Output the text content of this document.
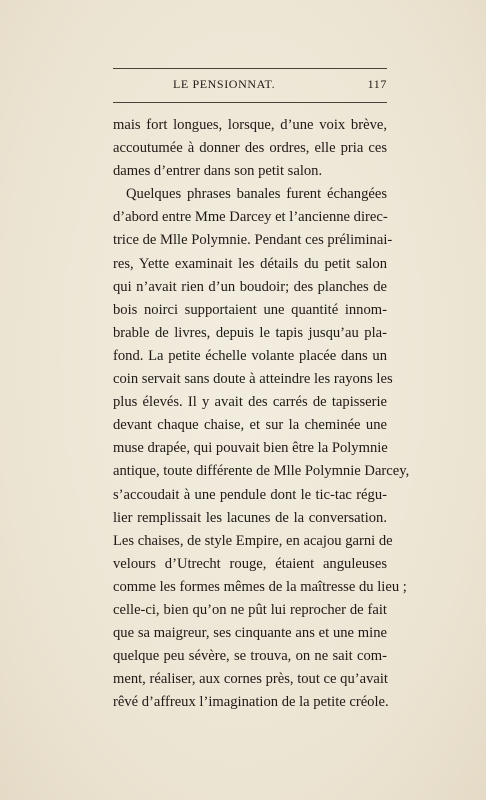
LE PENSIONNAT.	117
mais fort longues, lorsque, d’une voix brève,
accoutumée à donner des ordres, elle pria ces
dames d’entrer dans son petit salon.
Quelques phrases banales furent échangées
d’abord entre Mme Darcey et l’ancienne direc-
trice de Mlle Polymnie. Pendant ces préliminai-
res, Yette examinait les détails du petit salon
qui n’avait rien d’un boudoir; des planches de
bois noirci supportaient une quantité innom-
brable de livres, depuis le tapis jusqu’au pla-
fond. La petite échelle volante placée dans un
coin servait sans doute à atteindre les rayons les
plus élevés. Il y avait des carrés de tapisserie
devant chaque chaise, et sur la cheminée une
muse drapée, qui pouvait bien être la Polymnie
antique, toute différente de Mlle Polymnie Darcey,
s’accoudait à une pendule dont le tic-tac régu-
lier remplissait les lacunes de la conversation.
Les chaises, de style Empire, en acajou garni de
velours d’Utrecht rouge, étaient anguleuses
comme les formes mêmes de la maîtresse du lieu ;
celle-ci, bien qu’on ne pût lui reprocher de fait
que sa maigreur, ses cinquante ans et une mine
quelque peu sévère, se trouva, on ne sait com-
ment, réaliser, aux cornes près, tout ce qu’avait
rêvé d’affreux l’imagination de la petite créole.
